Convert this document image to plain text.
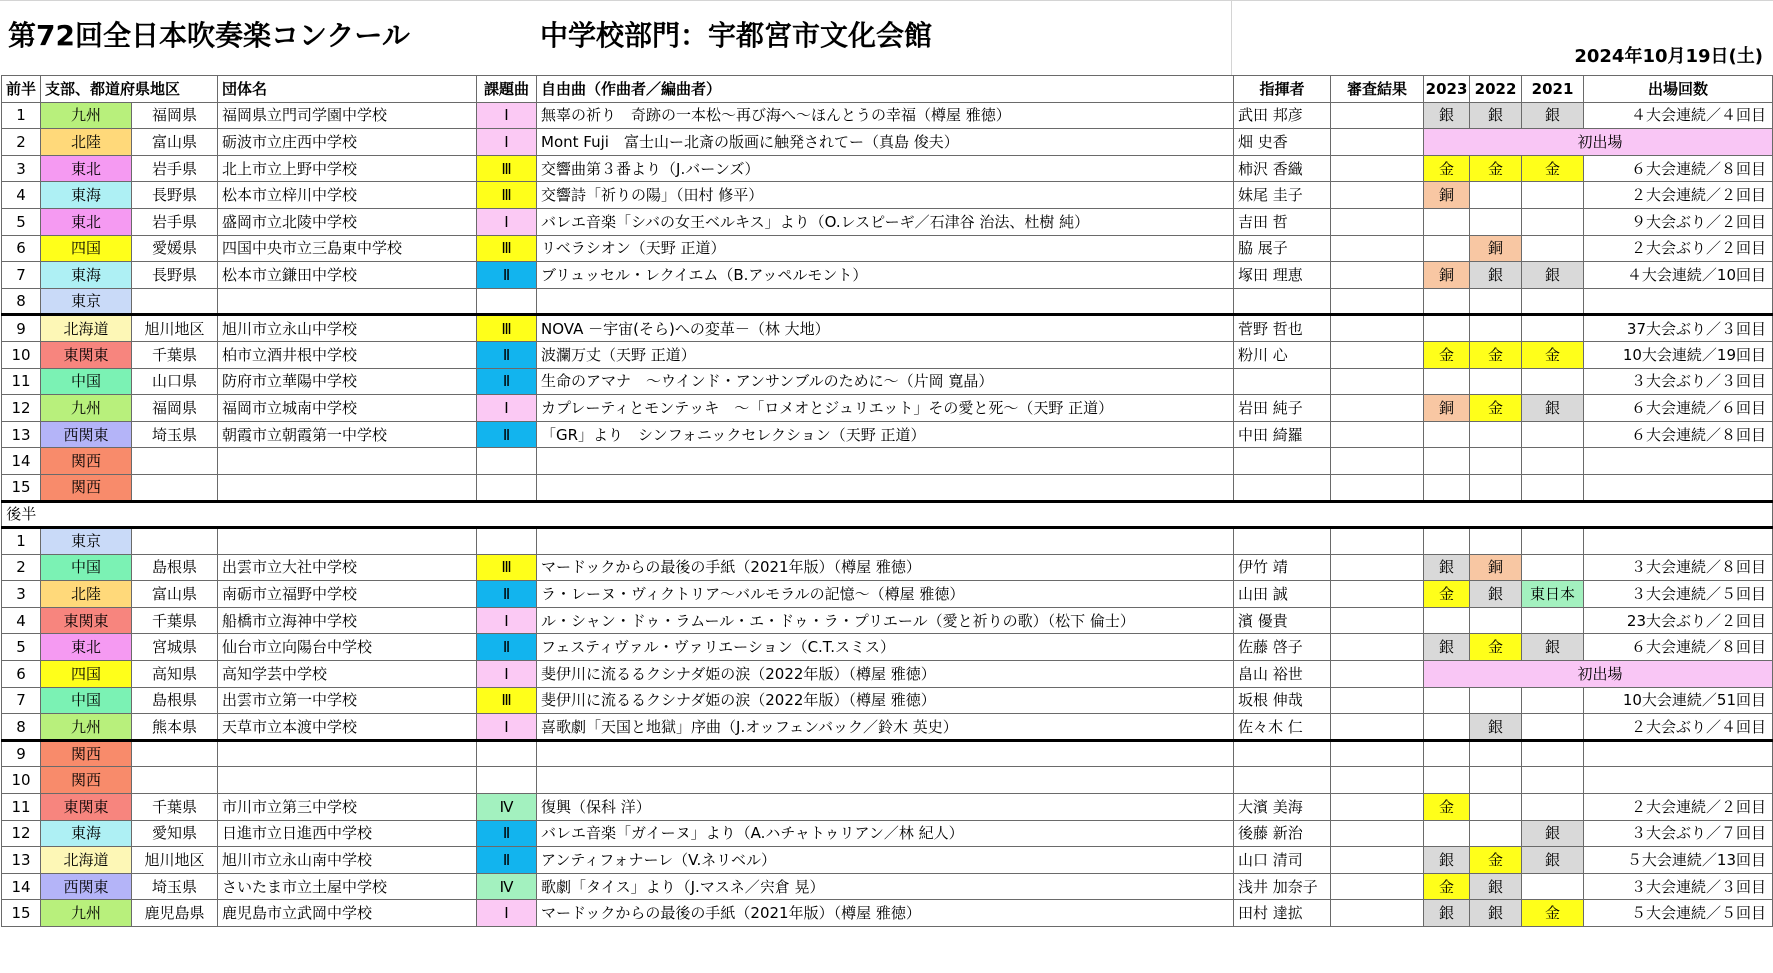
第72回全日本吹奏楽コンクール	中学校部門：宇都宮市文化会館
2024年10月19日(土)
前半	支部、都道府県地区		団体名	課題曲	自由曲（作曲者／編曲者）	指揮者	審査結果	2023	2022	2021	出場回数
1	九州	福岡県	福岡県立門司学園中学校	Ⅰ	無辜の祈り　奇跡の一本松～再び海へ～ほんとうの幸福（樽屋 雅徳）	武田 邦彦		銀	銀	銀	４大会連続／４回目
2	北陸	富山県	砺波市立庄西中学校	Ⅰ	Mont Fuji　富士山ー北斎の版画に触発されてー（真島 俊夫）	畑 史香		初出場			
3	東北	岩手県	北上市立上野中学校	Ⅲ	交響曲第３番より（J.バーンズ）	柿沢 香織		金	金	金	６大会連続／８回目
4	東海	長野県	松本市立梓川中学校	Ⅲ	交響詩「祈りの陽」（田村 修平）	妹尾 圭子		銅			２大会連続／２回目
5	東北	岩手県	盛岡市立北陵中学校	Ⅰ	バレエ音楽「シバの女王ベルキス」より（O.レスピーギ／石津谷 治法、杜樹 純）	吉田 哲					９大会ぶり／２回目
6	四国	愛媛県	四国中央市立三島東中学校	Ⅲ	リベラシオン（天野 正道）	脇 展子			銅		２大会ぶり／２回目
7	東海	長野県	松本市立鎌田中学校	Ⅱ	ブリュッセル・レクイエム（B.アッペルモント）	塚田 理恵		銅	銀	銀	４大会連続／10回目
8	東京										
9	北海道	旭川地区	旭川市立永山中学校	Ⅲ	NOVA －宇宙(そら)への変革－（林 大地）	菅野 哲也					37大会ぶり／３回目
10	東関東	千葉県	柏市立酒井根中学校	Ⅱ	波瀾万丈（天野 正道）	粉川 心		金	金	金	10大会連続／19回目
11	中国	山口県	防府市立華陽中学校	Ⅱ	生命のアマナ　～ウインド・アンサンブルのために～（片岡 寛晶）						３大会ぶり／３回目
12	九州	福岡県	福岡市立城南中学校	Ⅰ	カプレーティとモンテッキ　～「ロメオとジュリエット」その愛と死～（天野 正道）	岩田 純子		銅	金	銀	６大会連続／６回目
13	西関東	埼玉県	朝霞市立朝霞第一中学校	Ⅱ	「GR」より　シンフォニックセレクション（天野 正道）	中田 綺羅					６大会連続／８回目
14	関西										
15	関西										
後半											
1	東京										
2	中国	島根県	出雲市立大社中学校	Ⅲ	マードックからの最後の手紙（2021年版）（樽屋 雅徳）	伊竹 靖		銀	銅		３大会連続／８回目
3	北陸	富山県	南砺市立福野中学校	Ⅱ	ラ・レーヌ・ヴィクトリア～バルモラルの記憶～（樽屋 雅徳）	山田 誠		金	銀	東日本	３大会連続／５回目
4	東関東	千葉県	船橋市立海神中学校	Ⅰ	ル・シャン・ドゥ・ラムール・エ・ドゥ・ラ・プリエール（愛と祈りの歌）（松下 倫士）	濱 優貴					23大会ぶり／２回目
5	東北	宮城県	仙台市立向陽台中学校	Ⅱ	フェスティヴァル・ヴァリエーション（C.T.スミス）	佐藤 啓子		銀	金	銀	６大会連続／８回目
6	四国	高知県	高知学芸中学校	Ⅰ	斐伊川に流るるクシナダ姫の涙（2022年版）（樽屋 雅徳）	畠山 裕世		初出場			
7	中国	島根県	出雲市立第一中学校	Ⅲ	斐伊川に流るるクシナダ姫の涙（2022年版）（樽屋 雅徳）	坂根 伸哉					10大会連続／51回目
8	九州	熊本県	天草市立本渡中学校	Ⅰ	喜歌劇「天国と地獄」序曲（J.オッフェンバック／鈴木 英史）	佐々木 仁			銀		２大会ぶり／４回目
9	関西										
10	関西										
11	東関東	千葉県	市川市立第三中学校	Ⅳ	復興（保科 洋）	大濱 美海		金			２大会連続／２回目
12	東海	愛知県	日進市立日進西中学校	Ⅱ	バレエ音楽「ガイーヌ」より（A.ハチャトゥリアン／林 紀人）	後藤 新治				銀	３大会ぶり／７回目
13	北海道	旭川地区	旭川市立永山南中学校	Ⅱ	アンティフォナーレ（V.ネリベル）	山口 清司		銀	金	銀	５大会連続／13回目
14	西関東	埼玉県	さいたま市立土屋中学校	Ⅳ	歌劇「タイス」より（J.マスネ／宍倉 晃）	浅井 加奈子		金	銀		３大会連続／３回目
15	九州	鹿児島県	鹿児島市立武岡中学校	Ⅰ	マードックからの最後の手紙（2021年版）（樽屋 雅徳）	田村 達拡		銀	銀	金	５大会連続／５回目
